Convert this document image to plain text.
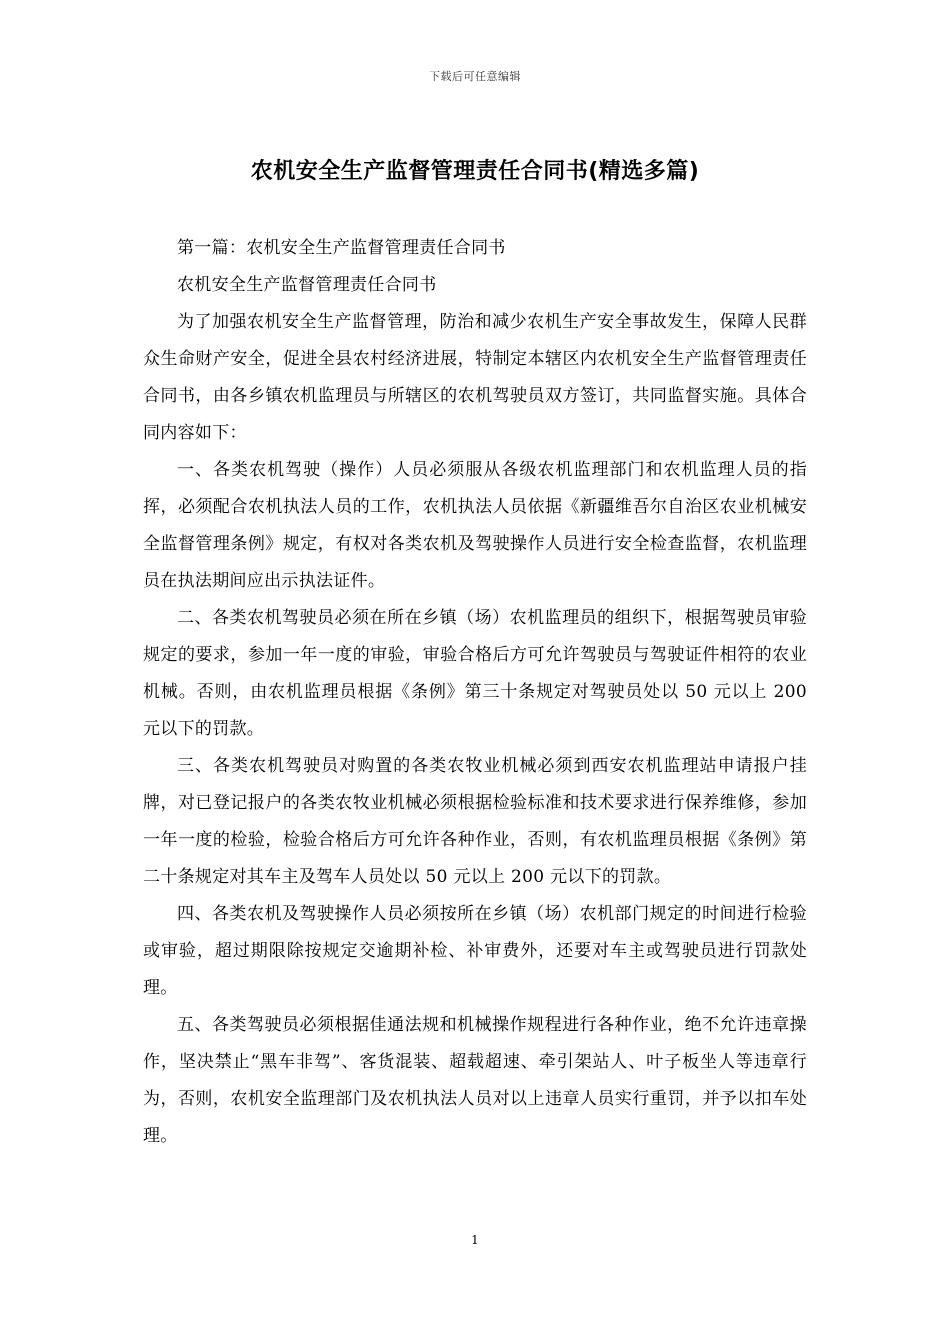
下载后可任意编辑
农机安全生产监督管理责任合同书(精选多篇)

第一篇：农机安全生产监督管理责任合同书

农机安全生产监督管理责任合同书

为了加强农机安全生产监督管理，防治和减少农机生产安全事故发生，保障人民群众生命财产安全，促进全县农村经济进展，特制定本辖区内农机安全生产监督管理责任合同书，由各乡镇农机监理员与所辖区的农机驾驶员双方签订，共同监督实施。具体合同内容如下：

一、各类农机驾驶（操作）人员必须服从各级农机监理部门和农机监理人员的指挥，必须配合农机执法人员的工作，农机执法人员依据《新疆维吾尔自治区农业机械安全监督管理条例》规定，有权对各类农机及驾驶操作人员进行安全检查监督，农机监理员在执法期间应出示执法证件。

二、各类农机驾驶员必须在所在乡镇（场）农机监理员的组织下，根据驾驶员审验规定的要求，参加一年一度的审验，审验合格后方可允许驾驶员与驾驶证件相符的农业机械。否则，由农机监理员根据《条例》第三十条规定对驾驶员处以 50 元以上 200 元以下的罚款。

三、各类农机驾驶员对购置的各类农牧业机械必须到西安农机监理站申请报户挂牌，对已登记报户的各类农牧业机械必须根据检验标准和技术要求进行保养维修，参加一年一度的检验，检验合格后方可允许各种作业，否则，有农机监理员根据《条例》第二十条规定对其车主及驾车人员处以 50 元以上 200 元以下的罚款。

四、各类农机及驾驶操作人员必须按所在乡镇（场）农机部门规定的时间进行检验或审验，超过期限除按规定交逾期补检、补审费外，还要对车主或驾驶员进行罚款处理。

五、各类驾驶员必须根据佳通法规和机械操作规程进行各种作业，绝不允许违章操作，坚决禁止“黑车非驾”、客货混装、超载超速、牵引架站人、叶子板坐人等违章行为，否则，农机安全监理部门及农机执法人员对以上违章人员实行重罚，并予以扣车处理。

1
